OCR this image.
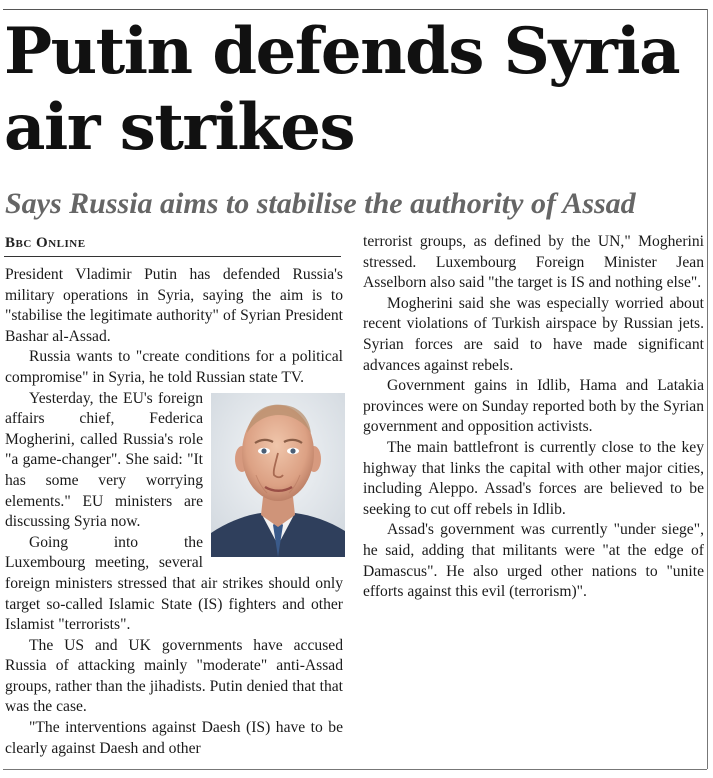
Putin defends Syria
air strikes
Says Russia aims to stabilise the authority of Assad
Bbc Online

President Vladimir Putin has defended Russia's military operations in Syria, saying the aim is to "stabilise the legitimate authority" of Syrian President Bashar al-Assad.

Russia wants to "create conditions for a political compromise" in Syria, he told Russian state TV.

Yesterday, the EU's foreign affairs chief, Federica Mogherini, called Russia's role "a game-changer". She said: "It has some very worrying elements." EU ministers are discussing Syria now.

Going into the Luxembourg meeting, several foreign ministers stressed that air strikes should only target so-called Islamic State (IS) fighters and other Islamist "terrorists".

The US and UK governments have accused Russia of attacking mainly "moderate" anti-Assad groups, rather than the jihadists. Putin denied that that was the case.

"The interventions against Daesh (IS) have to be clearly against Daesh and other

terrorist groups, as defined by the UN," Mogherini stressed. Luxembourg Foreign Minister Jean Asselborn also said "the target is IS and nothing else".

Mogherini said she was especially worried about recent violations of Turkish airspace by Russian jets. Syrian forces are said to have made significant advances against rebels.

Government gains in Idlib, Hama and Latakia provinces were on Sunday reported both by the Syrian government and opposition activists.

The main battlefront is currently close to the key highway that links the capital with other major cities, including Aleppo. Assad's forces are believed to be seeking to cut off rebels in Idlib.

Assad's government was currently "under siege", he said, adding that militants were "at the edge of Damascus". He also urged other nations to "unite efforts against this evil (terrorism)".
